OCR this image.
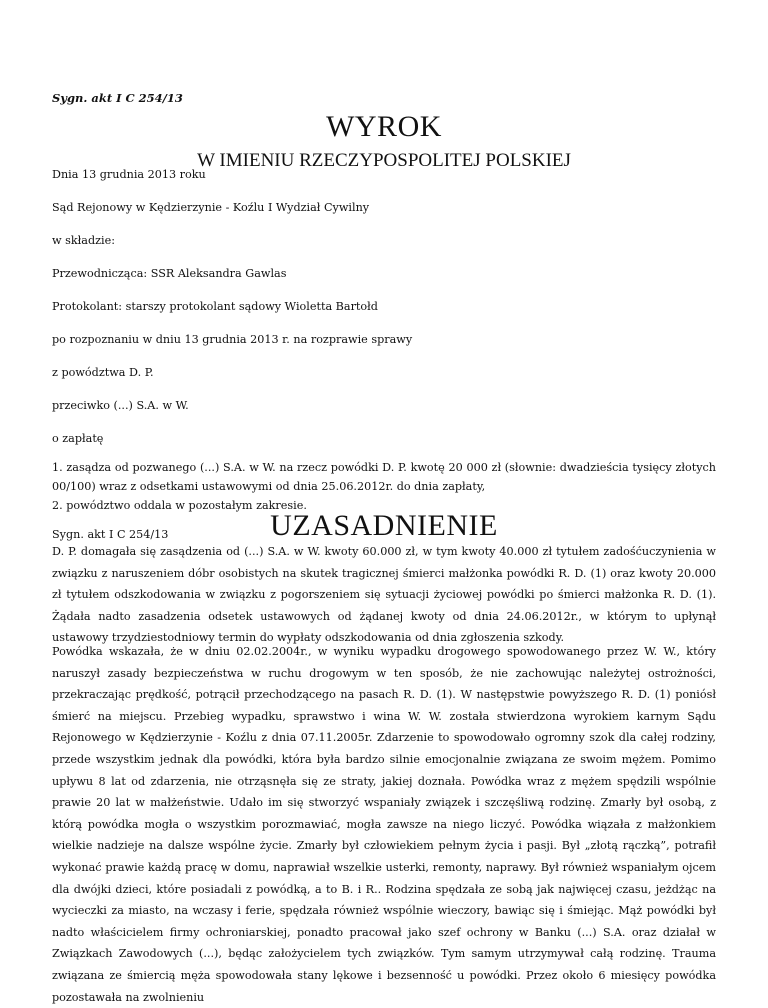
Sygn. akt I C 254/13
WYROK
W IMIENIU RZECZYPOSPOLITEJ POLSKIEJ
Dnia 13 grudnia 2013 roku
Sąd Rejonowy w Kędzierzynie - Koźlu I Wydział Cywilny
w składzie:
Przewodnicząca: SSR Aleksandra Gawlas
Protokolant: starszy protokolant sądowy Wioletta Bartołd
po rozpoznaniu w dniu 13 grudnia 2013 r. na rozprawie sprawy
z powództwa D. P.
przeciwko (...) S.A. w W.
o zapłatę

1. zasądza od pozwanego (...) S.A. w W. na rzecz powódki D. P. kwotę 20 000 zł (słownie: dwadzieścia tysięcy złotych 00/100) wraz z odsetkami ustawowymi od dnia 25.06.2012r. do dnia zapłaty,

2. powództwo oddala w pozostałym zakresie.
Sygn. akt I C 254/13	UZASADNIENIE

D. P. domagała się zasądzenia od (...) S.A. w W. kwoty 60.000 zł, w tym kwoty 40.000 zł tytułem zadośćuczynienia w związku z naruszeniem dóbr osobistych na skutek tragicznej śmierci małżonka powódki R. D. (1) oraz kwoty 20.000 zł tytułem odszkodowania w związku z pogorszeniem się sytuacji życiowej powódki po śmierci małżonka R. D. (1). Żądała nadto zasadzenia odsetek ustawowych od żądanej kwoty od dnia 24.06.2012r., w którym to upłynął ustawowy trzydziestodniowy termin do wypłaty odszkodowania od dnia zgłoszenia szkody.

Powódka wskazała, że w dniu 02.02.2004r., w wyniku wypadku drogowego spowodowanego przez W. W., który naruszył zasady bezpieczeństwa w ruchu drogowym w ten sposób, że nie zachowując należytej ostrożności, przekraczając prędkość, potrącił przechodzącego na pasach R. D. (1). W następstwie powyższego R. D. (1) poniósł śmierć na miejscu. Przebieg wypadku, sprawstwo i wina W. W. została stwierdzona wyrokiem karnym Sądu Rejonowego w Kędzierzynie - Koźlu z dnia 07.11.2005r. Zdarzenie to spowodowało ogromny szok dla całej rodziny, przede wszystkim jednak dla powódki, która była bardzo silnie emocjonalnie związana ze swoim mężem. Pomimo upływu 8 lat od zdarzenia, nie otrząsnęła się ze straty, jakiej doznała. Powódka wraz z mężem spędzili wspólnie prawie 20 lat w małżeństwie. Udało im się stworzyć wspaniały związek i szczęśliwą rodzinę. Zmarły był osobą, z którą powódka mogła o wszystkim porozmawiać, mogła zawsze na niego liczyć. Powódka wiązała z małżonkiem wielkie nadzieje na dalsze wspólne życie. Zmarły był człowiekiem pełnym życia i pasji. Był „złotą rączką”, potrafił wykonać prawie każdą pracę w domu, naprawiał wszelkie usterki, remonty, naprawy. Był również wspaniałym ojcem dla dwójki dzieci, które posiadali z powódką, a to B. i R.. Rodzina spędzała ze sobą jak najwięcej czasu, jeżdżąc na wycieczki za miasto, na wczasy i ferie, spędzała również wspólnie wieczory, bawiąc się i śmiejąc. Mąż powódki był nadto właścicielem firmy ochroniarskiej, ponadto pracował jako szef ochrony w Banku (...) S.A. oraz działał w Związkach Zawodowych (...), będąc założycielem tych związków. Tym samym utrzymywał całą rodzinę. Trauma związana ze śmiercią męża spowodowała stany lękowe i bezsenność u powódki. Przez około 6 miesięcy powódka pozostawała na zwolnieniu
